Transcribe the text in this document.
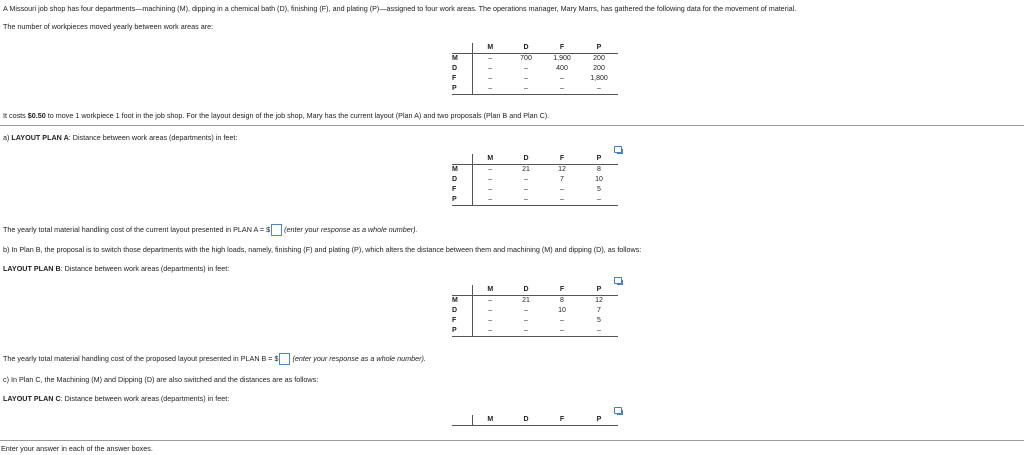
A Missouri job shop has four departments—machining (M), dipping in a chemical bath (D), finishing (F), and plating (P)—assigned to four work areas. The operations manager, Mary Marrs, has gathered the following data for the movement of material.
The number of workpieces moved yearly between work areas are:
	M	D	F	P
M	–	700	1,900	200
D	–	–	400	200
F	–	–	–	1,800
P	–	–	–	–
It costs $0.50 to move 1 workpiece 1 foot in the job shop. For the layout design of the job shop, Mary has the current layout (Plan A) and two proposals (Plan B and Plan C).
a) LAYOUT PLAN A: Distance between work areas (departments) in feet:
	M	D	F	P
M	–	21	12	8
D	–	–	7	10
F	–	–	–	5
P	–	–	–	–
The yearly total material handling cost of the current layout presented in PLAN A = $ (enter your response as a whole number).
b) In Plan B, the proposal is to switch those departments with the high loads, namely, finishing (F) and plating (P), which alters the distance between them and machining (M) and dipping (D), as follows:
LAYOUT PLAN B: Distance between work areas (departments) in feet:
	M	D	F	P
M	–	21	8	12
D	–	–	10	7
F	–	–	–	5
P	–	–	–	–
The yearly total material handling cost of the proposed layout presented in PLAN B = $ (enter your response as a whole number).
c) In Plan C, the Machining (M) and Dipping (D) are also switched and the distances are as follows:
LAYOUT PLAN C: Distance between work areas (departments) in feet:
	M	D	F	P
Enter your answer in each of the answer boxes.
